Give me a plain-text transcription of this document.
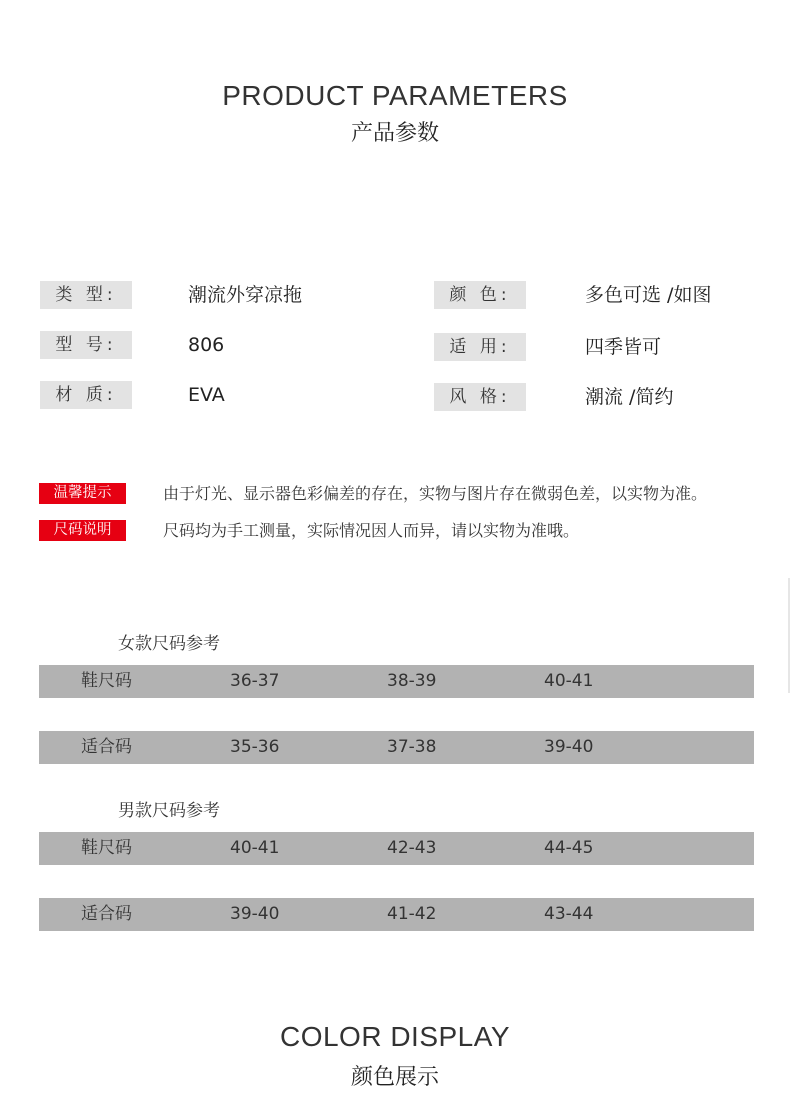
PRODUCT PARAMETERS
产品参数
类 型:	潮流外穿凉拖	颜 色:	多色可选 /如图
型 号:	806	适 用:	四季皆可
材 质:	EVA	风 格:	潮流 /简约
温馨提示	由于灯光、显示器色彩偏差的存在，实物与图片存在微弱色差，以实物为准。
尺码说明	尺码均为手工测量，实际情况因人而异，请以实物为准哦。
女款尺码参考
鞋尺码	36-37	38-39	40-41
适合码	35-36	37-38	39-40
男款尺码参考
鞋尺码	40-41	42-43	44-45
适合码	39-40	41-42	43-44
COLOR DISPLAY
颜色展示
